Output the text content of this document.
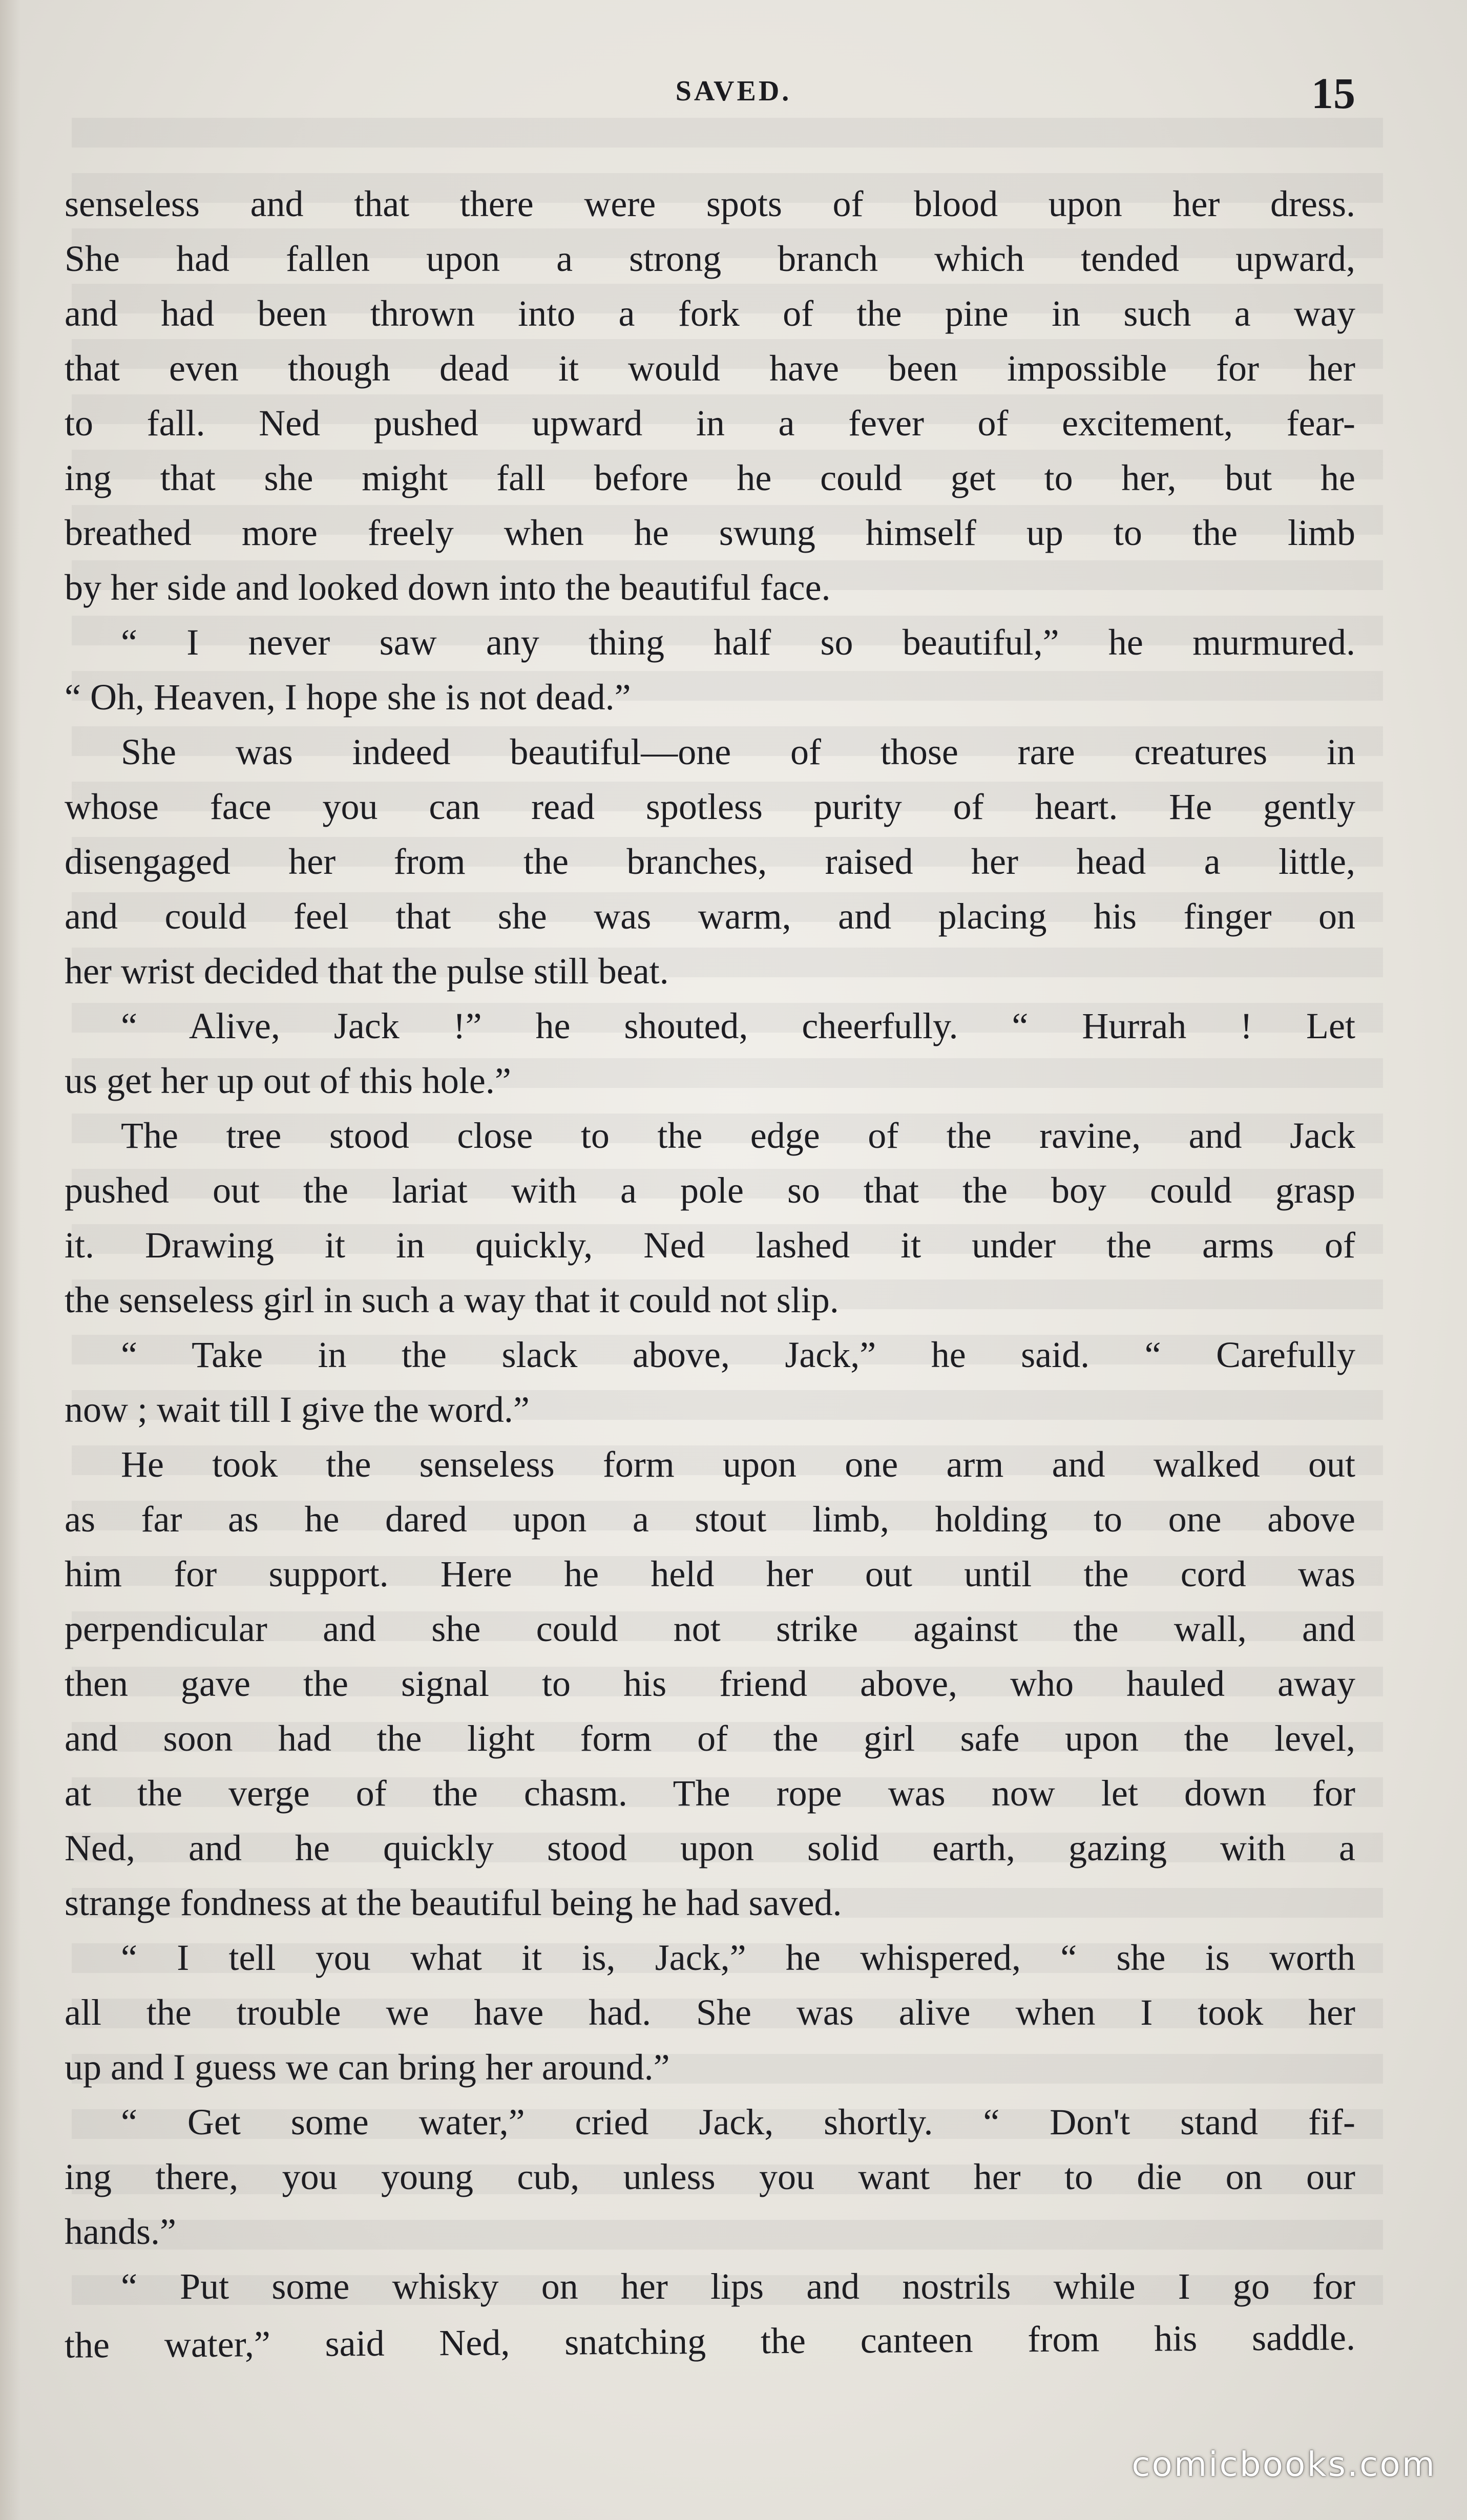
SAVED.	15
senseless and that there were spots of blood upon her dress.
She had fallen upon a strong branch which tended upward,
and had been thrown into a fork of the pine in such a way
that even though dead it would have been impossible for her
to fall. Ned pushed upward in a fever of excitement, fear-
ing that she might fall before he could get to her, but he
breathed more freely when he swung himself up to the limb
by her side and looked down into the beautiful face.
“ I never saw any thing half so beautiful,” he murmured.
“ Oh, Heaven, I hope she is not dead.”
She was indeed beautiful—one of those rare creatures in
whose face you can read spotless purity of heart. He gently
disengaged her from the branches, raised her head a little,
and could feel that she was warm, and placing his finger on
her wrist decided that the pulse still beat.
“ Alive, Jack !” he shouted, cheerfully. “ Hurrah ! Let
us get her up out of this hole.”
The tree stood close to the edge of the ravine, and Jack
pushed out the lariat with a pole so that the boy could grasp
it. Drawing it in quickly, Ned lashed it under the arms of
the senseless girl in such a way that it could not slip.
“ Take in the slack above, Jack,” he said. “ Carefully
now ; wait till I give the word.”
He took the senseless form upon one arm and walked out
as far as he dared upon a stout limb, holding to one above
him for support. Here he held her out until the cord was
perpendicular and she could not strike against the wall, and
then gave the signal to his friend above, who hauled away
and soon had the light form of the girl safe upon the level,
at the verge of the chasm. The rope was now let down for
Ned, and he quickly stood upon solid earth, gazing with a
strange fondness at the beautiful being he had saved.
“ I tell you what it is, Jack,” he whispered, “ she is worth
all the trouble we have had. She was alive when I took her
up and I guess we can bring her around.”
“ Get some water,” cried Jack, shortly. “ Don't stand fif-
ing there, you young cub, unless you want her to die on our
hands.”
“ Put some whisky on her lips and nostrils while I go for
the water,” said Ned, snatching the canteen from his saddle.
comicbooks.com
